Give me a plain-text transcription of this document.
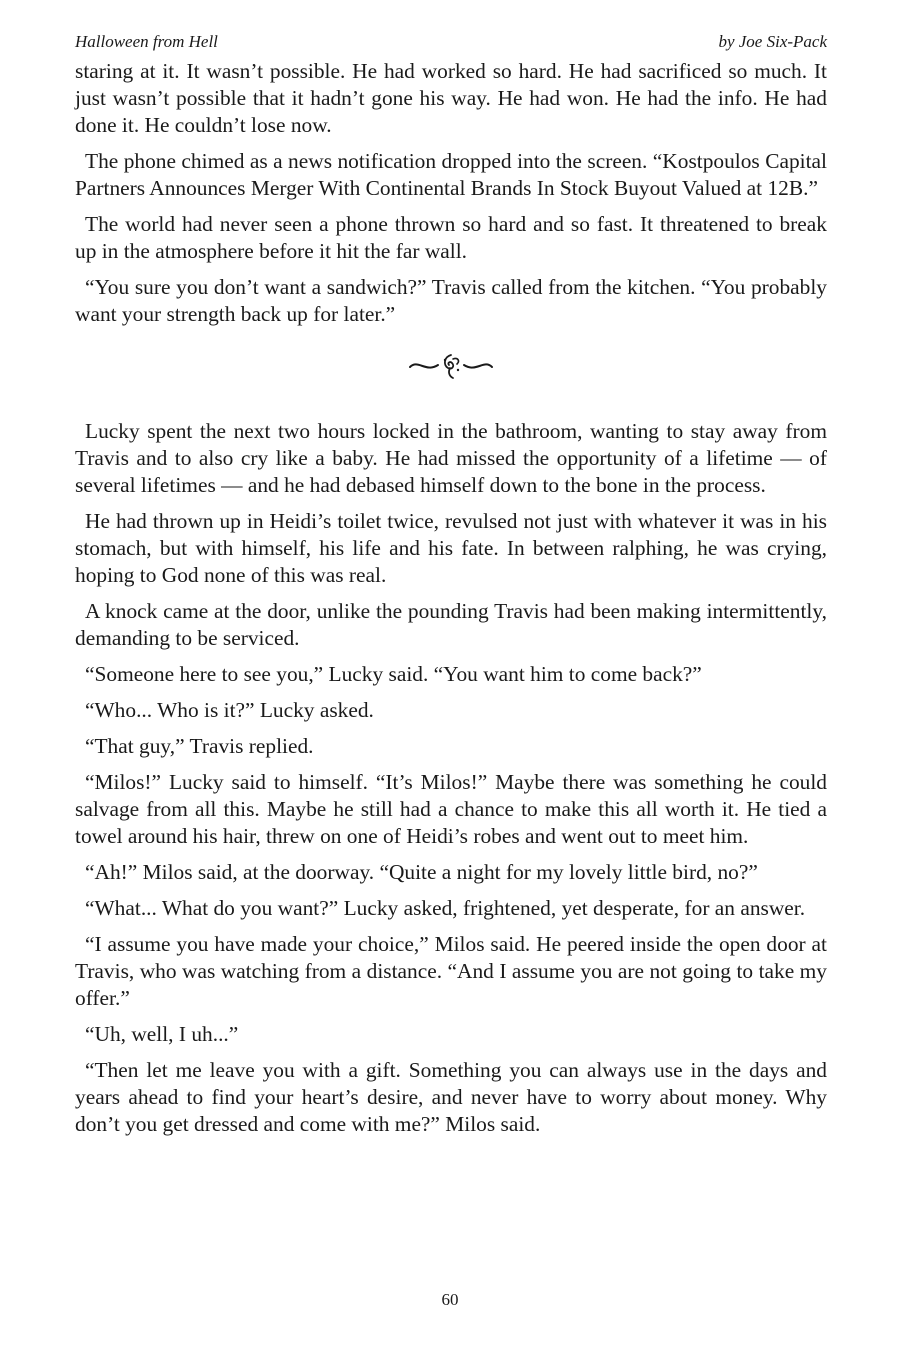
Halloween from Hell	by Joe Six-Pack

staring at it. It wasn’t possible. He had worked so hard. He had sacrificed so much. It just wasn’t possible that it hadn’t gone his way. He had won. He had the info. He had done it. He couldn’t lose now.

The phone chimed as a news notification dropped into the screen. “Kostpoulos Capital Partners Announces Merger With Continental Brands In Stock Buyout Valued at 12B.”

The world had never seen a phone thrown so hard and so fast. It threatened to break up in the atmosphere before it hit the far wall.

“You sure you don’t want a sandwich?” Travis called from the kitchen. “You probably want your strength back up for later.”

Lucky spent the next two hours locked in the bathroom, wanting to stay away from Travis and to also cry like a baby. He had missed the opportunity of a lifetime — of several lifetimes — and he had debased himself down to the bone in the process.

He had thrown up in Heidi’s toilet twice, revulsed not just with whatever it was in his stomach, but with himself, his life and his fate. In between ralphing, he was crying, hoping to God none of this was real.

A knock came at the door, unlike the pounding Travis had been making intermittently, demanding to be serviced.

“Someone here to see you,” Lucky said. “You want him to come back?”

“Who... Who is it?” Lucky asked.

“That guy,” Travis replied.

“Milos!” Lucky said to himself. “It’s Milos!” Maybe there was something he could salvage from all this. Maybe he still had a chance to make this all worth it. He tied a towel around his hair, threw on one of Heidi’s robes and went out to meet him.

“Ah!” Milos said, at the doorway. “Quite a night for my lovely little bird, no?”

“What... What do you want?” Lucky asked, frightened, yet desperate, for an answer.

“I assume you have made your choice,” Milos said. He peered inside the open door at Travis, who was watching from a distance. “And I assume you are not going to take my offer.”

“Uh, well, I uh...”

“Then let me leave you with a gift. Something you can always use in the days and years ahead to find your heart’s desire, and never have to worry about money. Why don’t you get dressed and come with me?” Milos said.

60
